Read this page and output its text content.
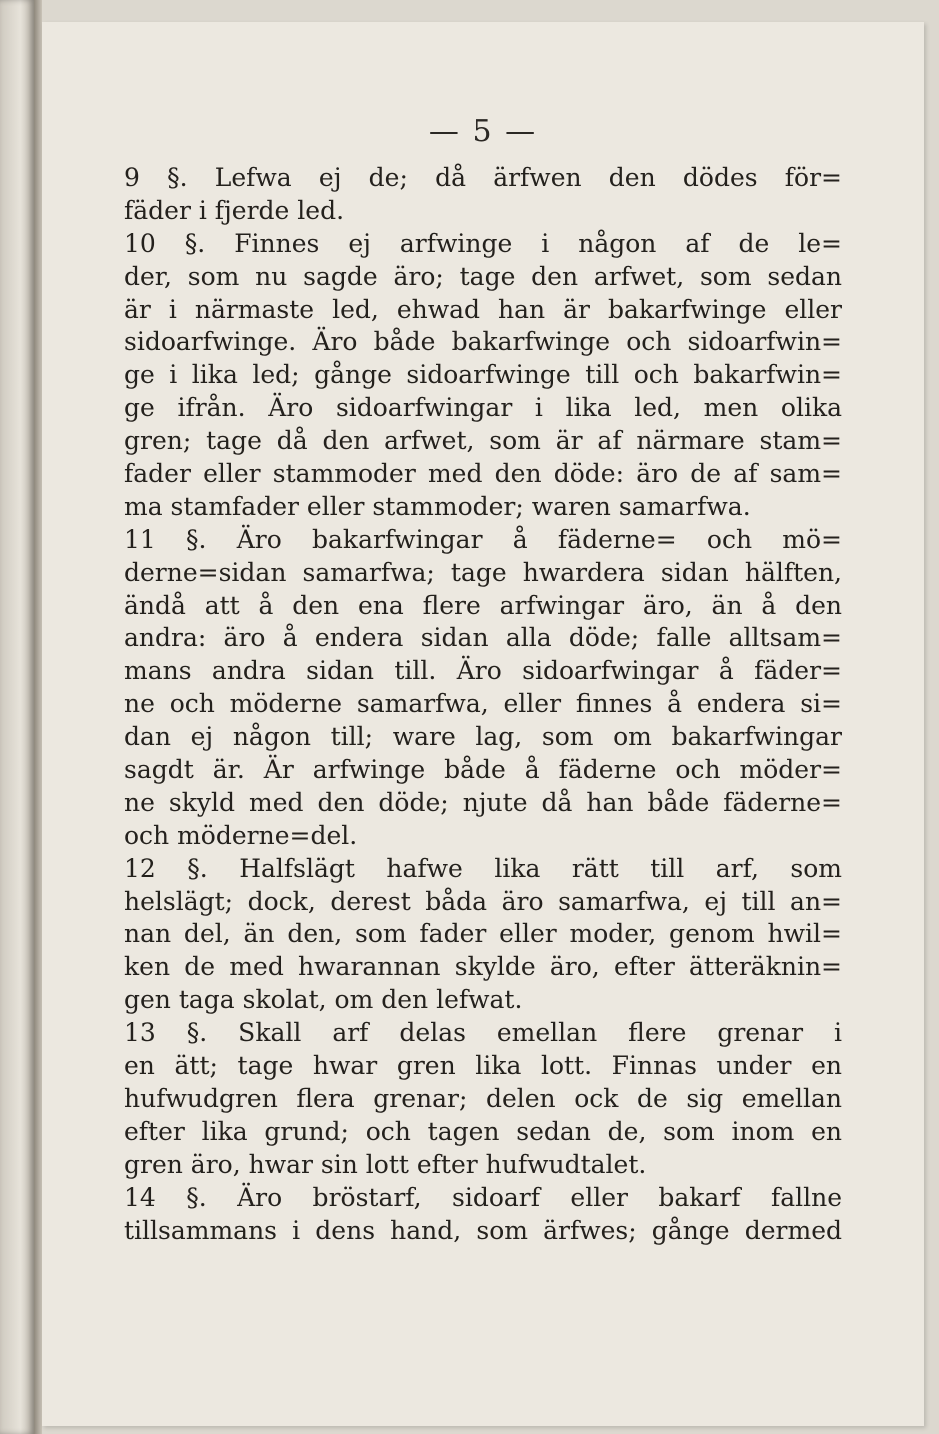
— 5 —
9 §. Lefwa ej de; då ärfwen den dödes för=
fäder i fjerde led.
10 §. Finnes ej arfwinge i någon af de le=
der, som nu sagde äro; tage den arfwet, som sedan
är i närmaste led, ehwad han är bakarfwinge eller
sidoarfwinge. Äro både bakarfwinge och sidoarfwin=
ge i lika led; gånge sidoarfwinge till och bakarfwin=
ge ifrån. Äro sidoarfwingar i lika led, men olika
gren; tage då den arfwet, som är af närmare stam=
fader eller stammoder med den döde: äro de af sam=
ma stamfader eller stammoder; waren samarfwa.
11 §. Äro bakarfwingar å fäderne= och mö=
derne=sidan samarfwa; tage hwardera sidan hälften,
ändå att å den ena flere arfwingar äro, än å den
andra: äro å endera sidan alla döde; falle alltsam=
mans andra sidan till. Äro sidoarfwingar å fäder=
ne och möderne samarfwa, eller finnes å endera si=
dan ej någon till; ware lag, som om bakarfwingar
sagdt är. Är arfwinge både å fäderne och möder=
ne skyld med den döde; njute då han både fäderne=
och möderne=del.
12 §. Halfslägt hafwe lika rätt till arf, som
helslägt; dock, derest båda äro samarfwa, ej till an=
nan del, än den, som fader eller moder, genom hwil=
ken de med hwarannan skylde äro, efter ätteräknin=
gen taga skolat, om den lefwat.
13 §. Skall arf delas emellan flere grenar i
en ätt; tage hwar gren lika lott. Finnas under en
hufwudgren flera grenar; delen ock de sig emellan
efter lika grund; och tagen sedan de, som inom en
gren äro, hwar sin lott efter hufwudtalet.
14 §. Äro bröstarf, sidoarf eller bakarf fallne
tillsammans i dens hand, som ärfwes; gånge dermed
